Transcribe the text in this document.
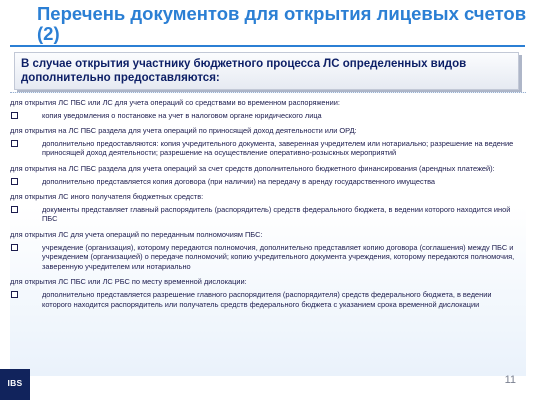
Перечень документов для открытия лицевых счетов (2)
В случае открытия участнику бюджетного процесса ЛС определенных видов дополнительно предоставляются:
для открытия ЛС ПБС или ЛС для учета операций со средствами во временном распоряжении:
копия уведомления о постановке на учет в налоговом органе юридического лица
для открытия на ЛС ПБС раздела для учета операций по приносящей доход деятельности или ОРД:
дополнительно предоставляются: копия учредительного документа, заверенная учредителем или нотариально; разрешение на ведение приносящей доход деятельности; разрешение на осуществление оперативно-розыскных мероприятий
для открытия на ЛС ПБС раздела для учета операций за счет средств дополнительного бюджетного финансирования (арендных платежей):
дополнительно представляется копия договора (при наличии) на передачу в аренду государственного имущества
для открытия ЛС иного получателя бюджетных средств:
документы представляет главный распорядитель (распорядитель) средств федерального бюджета, в ведении которого находится иной ПБС
для открытия ЛС для учета операций по переданным полномочиям ПБС:
учреждение (организация), которому передаются полномочия, дополнительно представляет копию договора (соглашения) между ПБС и учреждением (организацией) о передаче полномочий; копию учредительного документа учреждения, которому передаются полномочия, заверенную учредителем или нотариально
для открытия ЛС ПБС или ЛС РБС по месту временной дислокации:
дополнительно представляется разрешение главного распорядителя (распорядителя) средств федерального бюджета, в ведении которого находится распорядитель или получатель средств федерального бюджета с указанием срока временной дислокации
11
IBS
